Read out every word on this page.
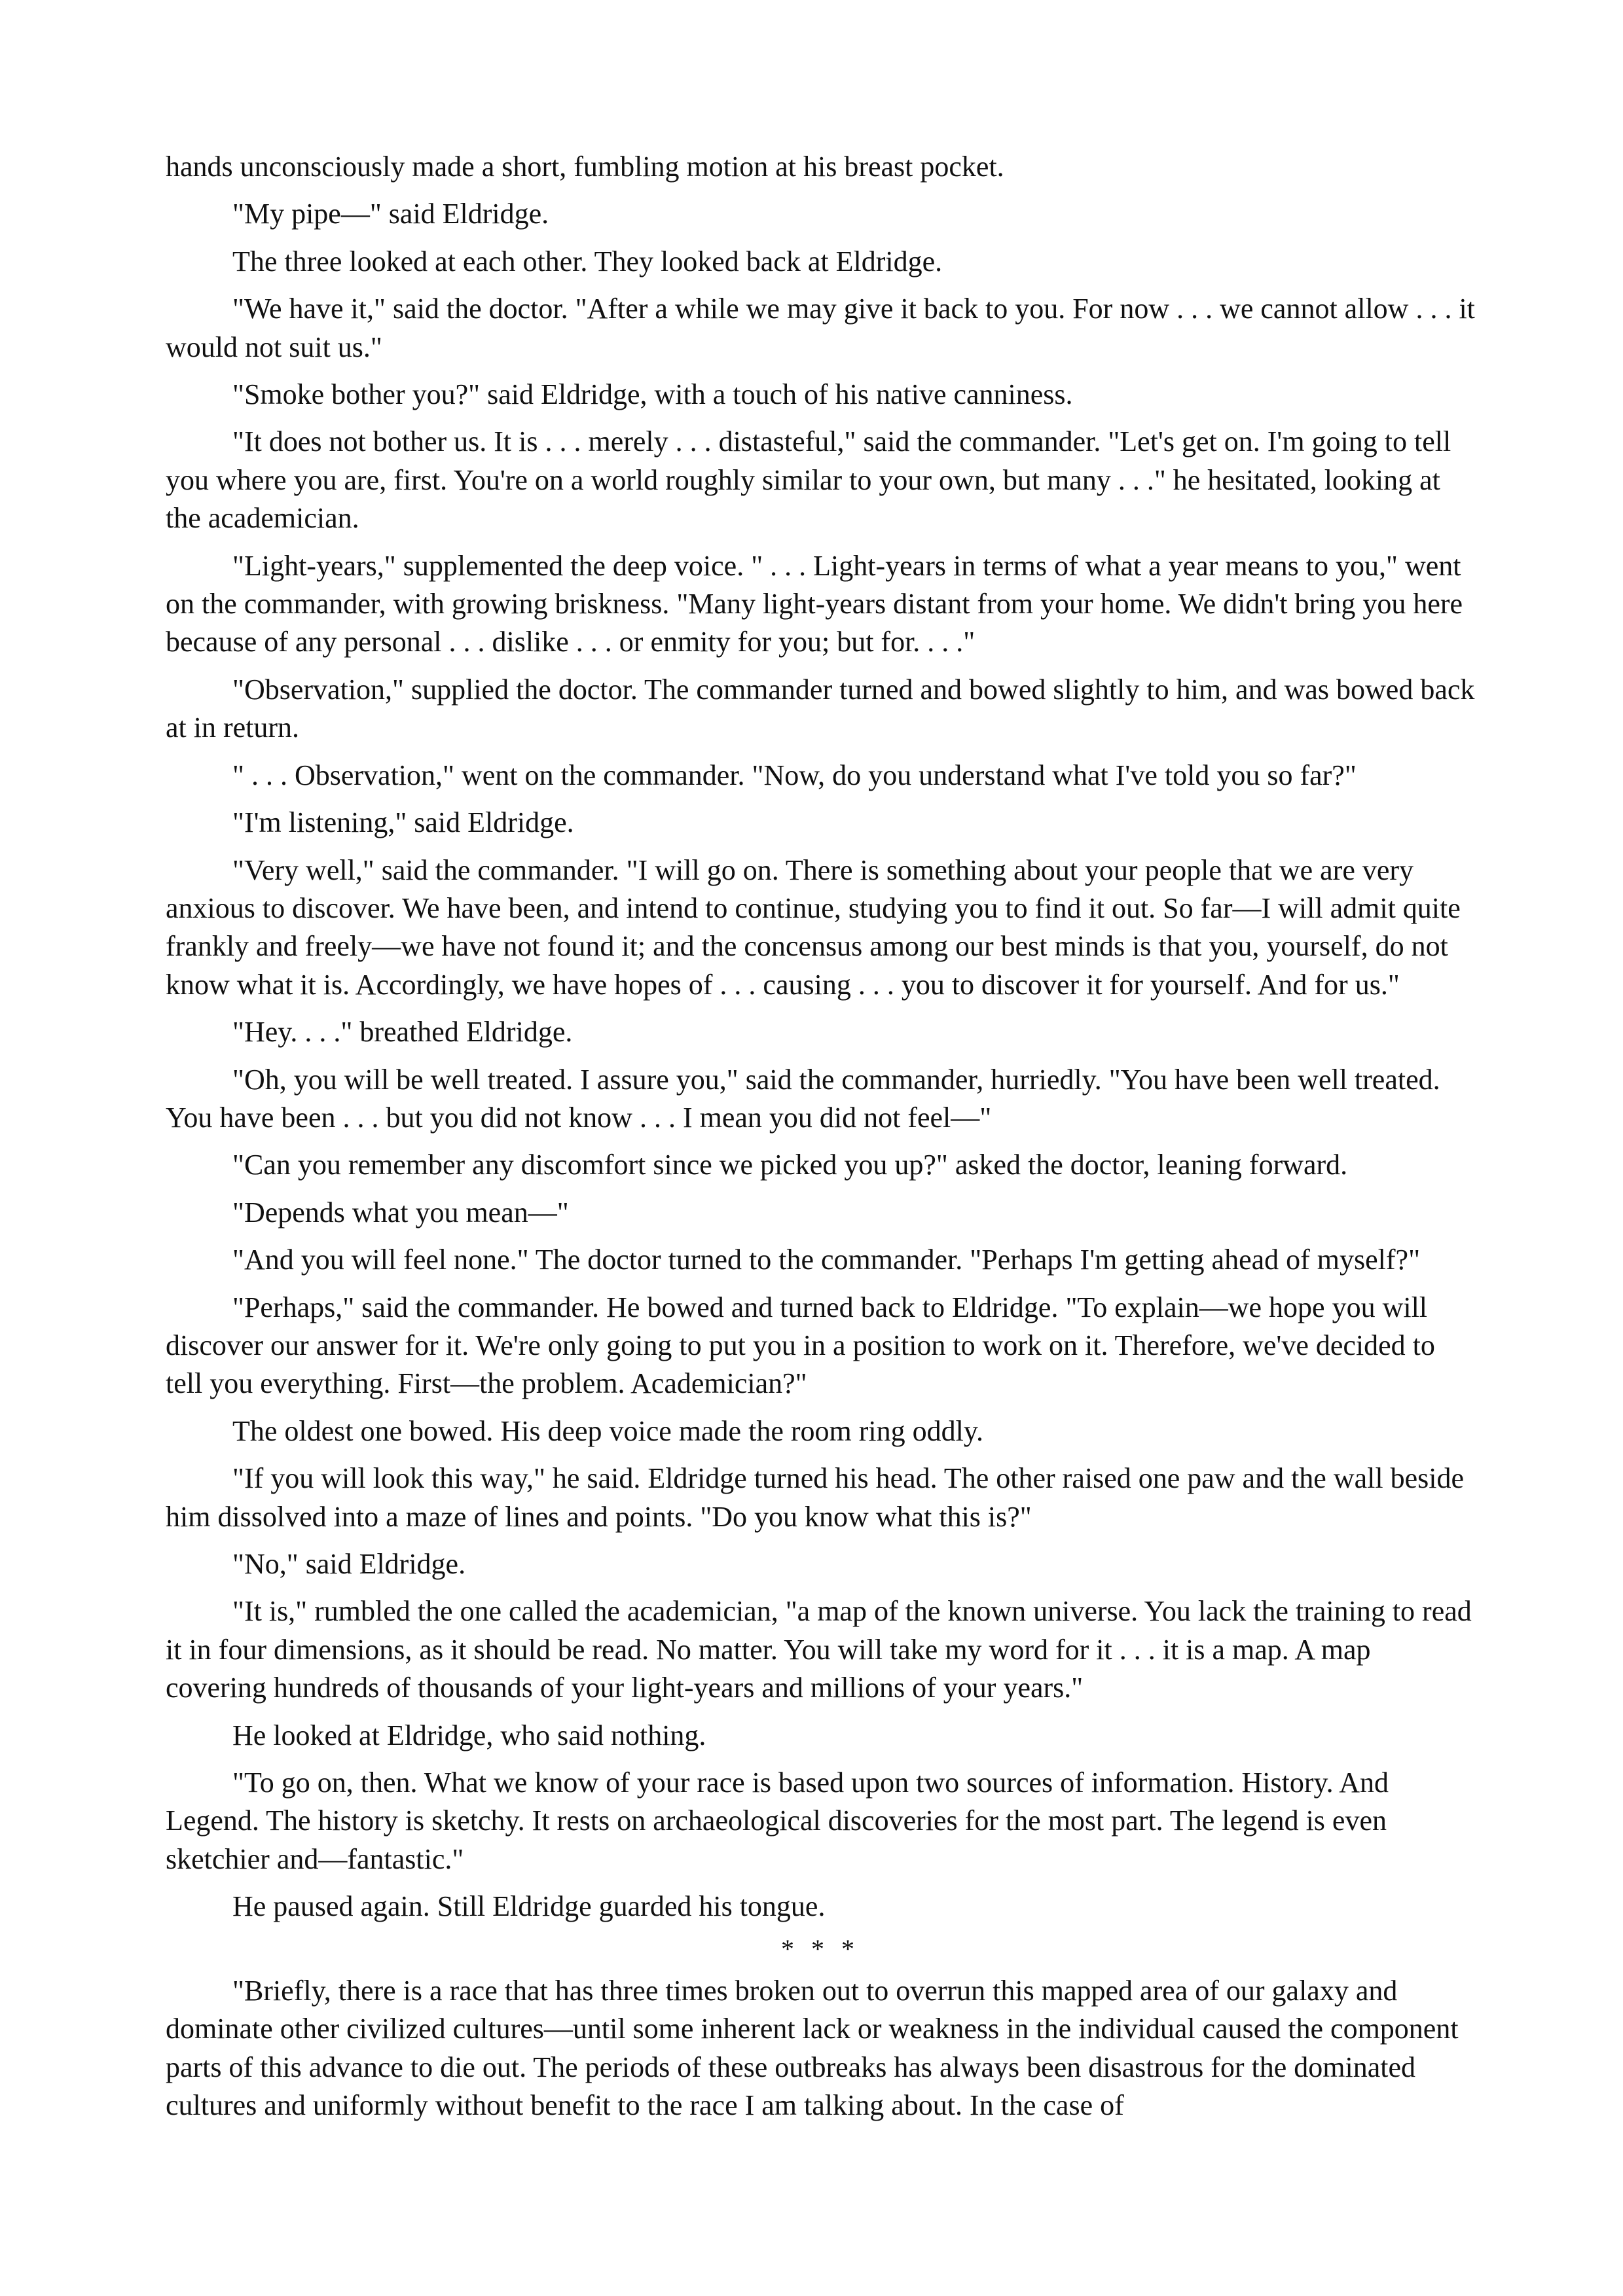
hands unconsciously made a short, fumbling motion at his breast pocket.

"My pipe—" said Eldridge.

The three looked at each other. They looked back at Eldridge.

"We have it," said the doctor. "After a while we may give it back to you. For now . . . we cannot allow . . . it would not suit us."

"Smoke bother you?" said Eldridge, with a touch of his native canniness.

"It does not bother us. It is . . . merely . . . distasteful," said the commander. "Let's get on. I'm going to tell you where you are, first. You're on a world roughly similar to your own, but many . . ." he hesitated, looking at the academician.

"Light-years," supplemented the deep voice. " . . . Light-years in terms of what a year means to you," went on the commander, with growing briskness. "Many light-years distant from your home. We didn't bring you here because of any personal . . . dislike . . . or enmity for you; but for. . . ."

"Observation," supplied the doctor. The commander turned and bowed slightly to him, and was bowed back at in return.

" . . . Observation," went on the commander. "Now, do you understand what I've told you so far?"

"I'm listening," said Eldridge.

"Very well," said the commander. "I will go on. There is something about your people that we are very anxious to discover. We have been, and intend to continue, studying you to find it out. So far—I will admit quite frankly and freely—we have not found it; and the concensus among our best minds is that you, yourself, do not know what it is. Accordingly, we have hopes of . . . causing . . . you to discover it for yourself. And for us."

"Hey. . . ." breathed Eldridge.

"Oh, you will be well treated. I assure you," said the commander, hurriedly. "You have been well treated. You have been . . . but you did not know . . . I mean you did not feel—"

"Can you remember any discomfort since we picked you up?" asked the doctor, leaning forward.

"Depends what you mean—"

"And you will feel none." The doctor turned to the commander. "Perhaps I'm getting ahead of myself?"

"Perhaps," said the commander. He bowed and turned back to Eldridge. "To explain—we hope you will discover our answer for it. We're only going to put you in a position to work on it. Therefore, we've decided to tell you everything. First—the problem. Academician?"

The oldest one bowed. His deep voice made the room ring oddly.

"If you will look this way," he said. Eldridge turned his head. The other raised one paw and the wall beside him dissolved into a maze of lines and points. "Do you know what this is?"

"No," said Eldridge.

"It is," rumbled the one called the academician, "a map of the known universe. You lack the training to read it in four dimensions, as it should be read. No matter. You will take my word for it . . . it is a map. A map covering hundreds of thousands of your light-years and millions of your years."

He looked at Eldridge, who said nothing.

"To go on, then. What we know of your race is based upon two sources of information. History. And Legend. The history is sketchy. It rests on archaeological discoveries for the most part. The legend is even sketchier and—fantastic."

He paused again. Still Eldridge guarded his tongue.

* * *

"Briefly, there is a race that has three times broken out to overrun this mapped area of our galaxy and dominate other civilized cultures—until some inherent lack or weakness in the individual caused the component parts of this advance to die out. The periods of these outbreaks has always been disastrous for the dominated cultures and uniformly without benefit to the race I am talking about. In the case of
